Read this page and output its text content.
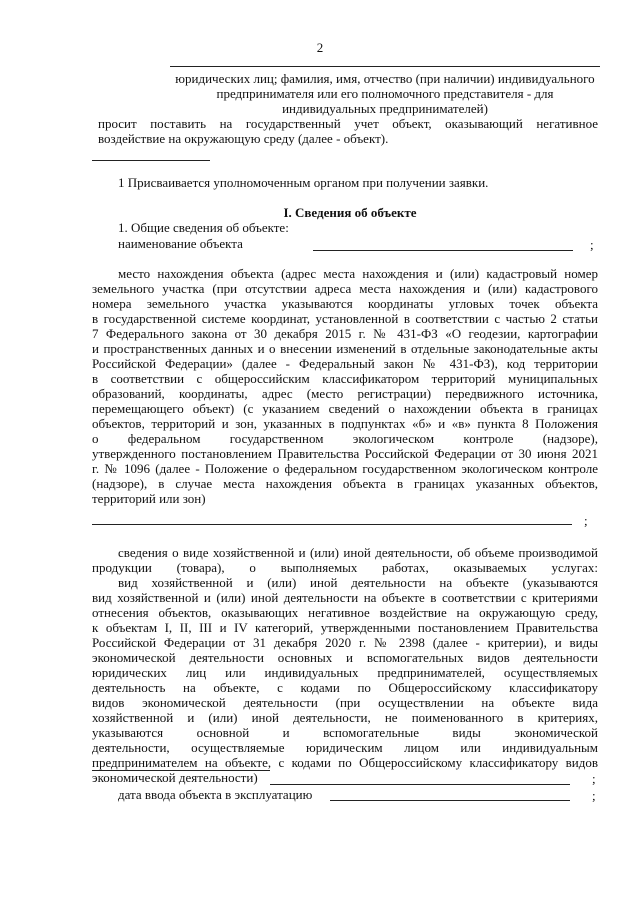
2
юридических лиц; фамилия, имя, отчество (при наличии) индивидуального
предпринимателя или его полномочного представителя - для
индивидуальных предпринимателей)
просит поставить на государственный учет объект, оказывающий негативное
воздействие на окружающую среду (далее - объект).
1 Присваивается уполномоченным органом при получении заявки.
I. Сведения об объекте
1. Общие сведения об объекте:
наименование объекта	;
место нахождения объекта (адрес места нахождения и (или) кадастровый номер
земельного участка (при отсутствии адреса места нахождения и (или) кадастрового
номера земельного участка указываются координаты угловых точек объекта
в государственной системе координат, установленной в соответствии с частью 2 статьи
7 Федерального закона от 30 декабря 2015 г. № 431-ФЗ «О геодезии, картографии
и пространственных данных и о внесении изменений в отдельные законодательные акты
Российской Федерации» (далее - Федеральный закон № 431-ФЗ), код территории
в соответствии с общероссийским классификатором территорий муниципальных
образований, координаты, адрес (место регистрации) передвижного источника,
перемещающего объект) (с указанием сведений о нахождении объекта в границах
объектов, территорий и зон, указанных в подпунктах «б» и «в» пункта 8 Положения
о федеральном государственном экологическом контроле (надзоре),
утвержденного постановлением Правительства Российской Федерации от 30 июня 2021
г. № 1096 (далее - Положение о федеральном государственном экологическом контроле
(надзоре), в случае места нахождения объекта в границах указанных объектов,
территорий или зон)
;
сведения о виде хозяйственной и (или) иной деятельности, об объеме производимой
продукции (товара), о выполняемых работах, оказываемых услугах:
вид хозяйственной и (или) иной деятельности на объекте (указываются
вид хозяйственной и (или) иной деятельности на объекте в соответствии с критериями
отнесения объектов, оказывающих негативное воздействие на окружающую среду,
к объектам I, II, III и IV категорий, утвержденными постановлением Правительства
Российской Федерации от 31 декабря 2020 г. № 2398 (далее - критерии), и виды
экономической деятельности основных и вспомогательных видов деятельности
юридических лиц или индивидуальных предпринимателей, осуществляемых
деятельность на объекте, с кодами по Общероссийскому классификатору
видов экономической деятельности (при осуществлении на объекте вида
хозяйственной и (или) иной деятельности, не поименованного в критериях,
указываются основной и вспомогательные виды экономической
деятельности, осуществляемые юридическим лицом или индивидуальным
предпринимателем на объекте, с кодами по Общероссийскому классификатору видов
экономической деятельности)	;
дата ввода объекта в эксплуатацию	;
